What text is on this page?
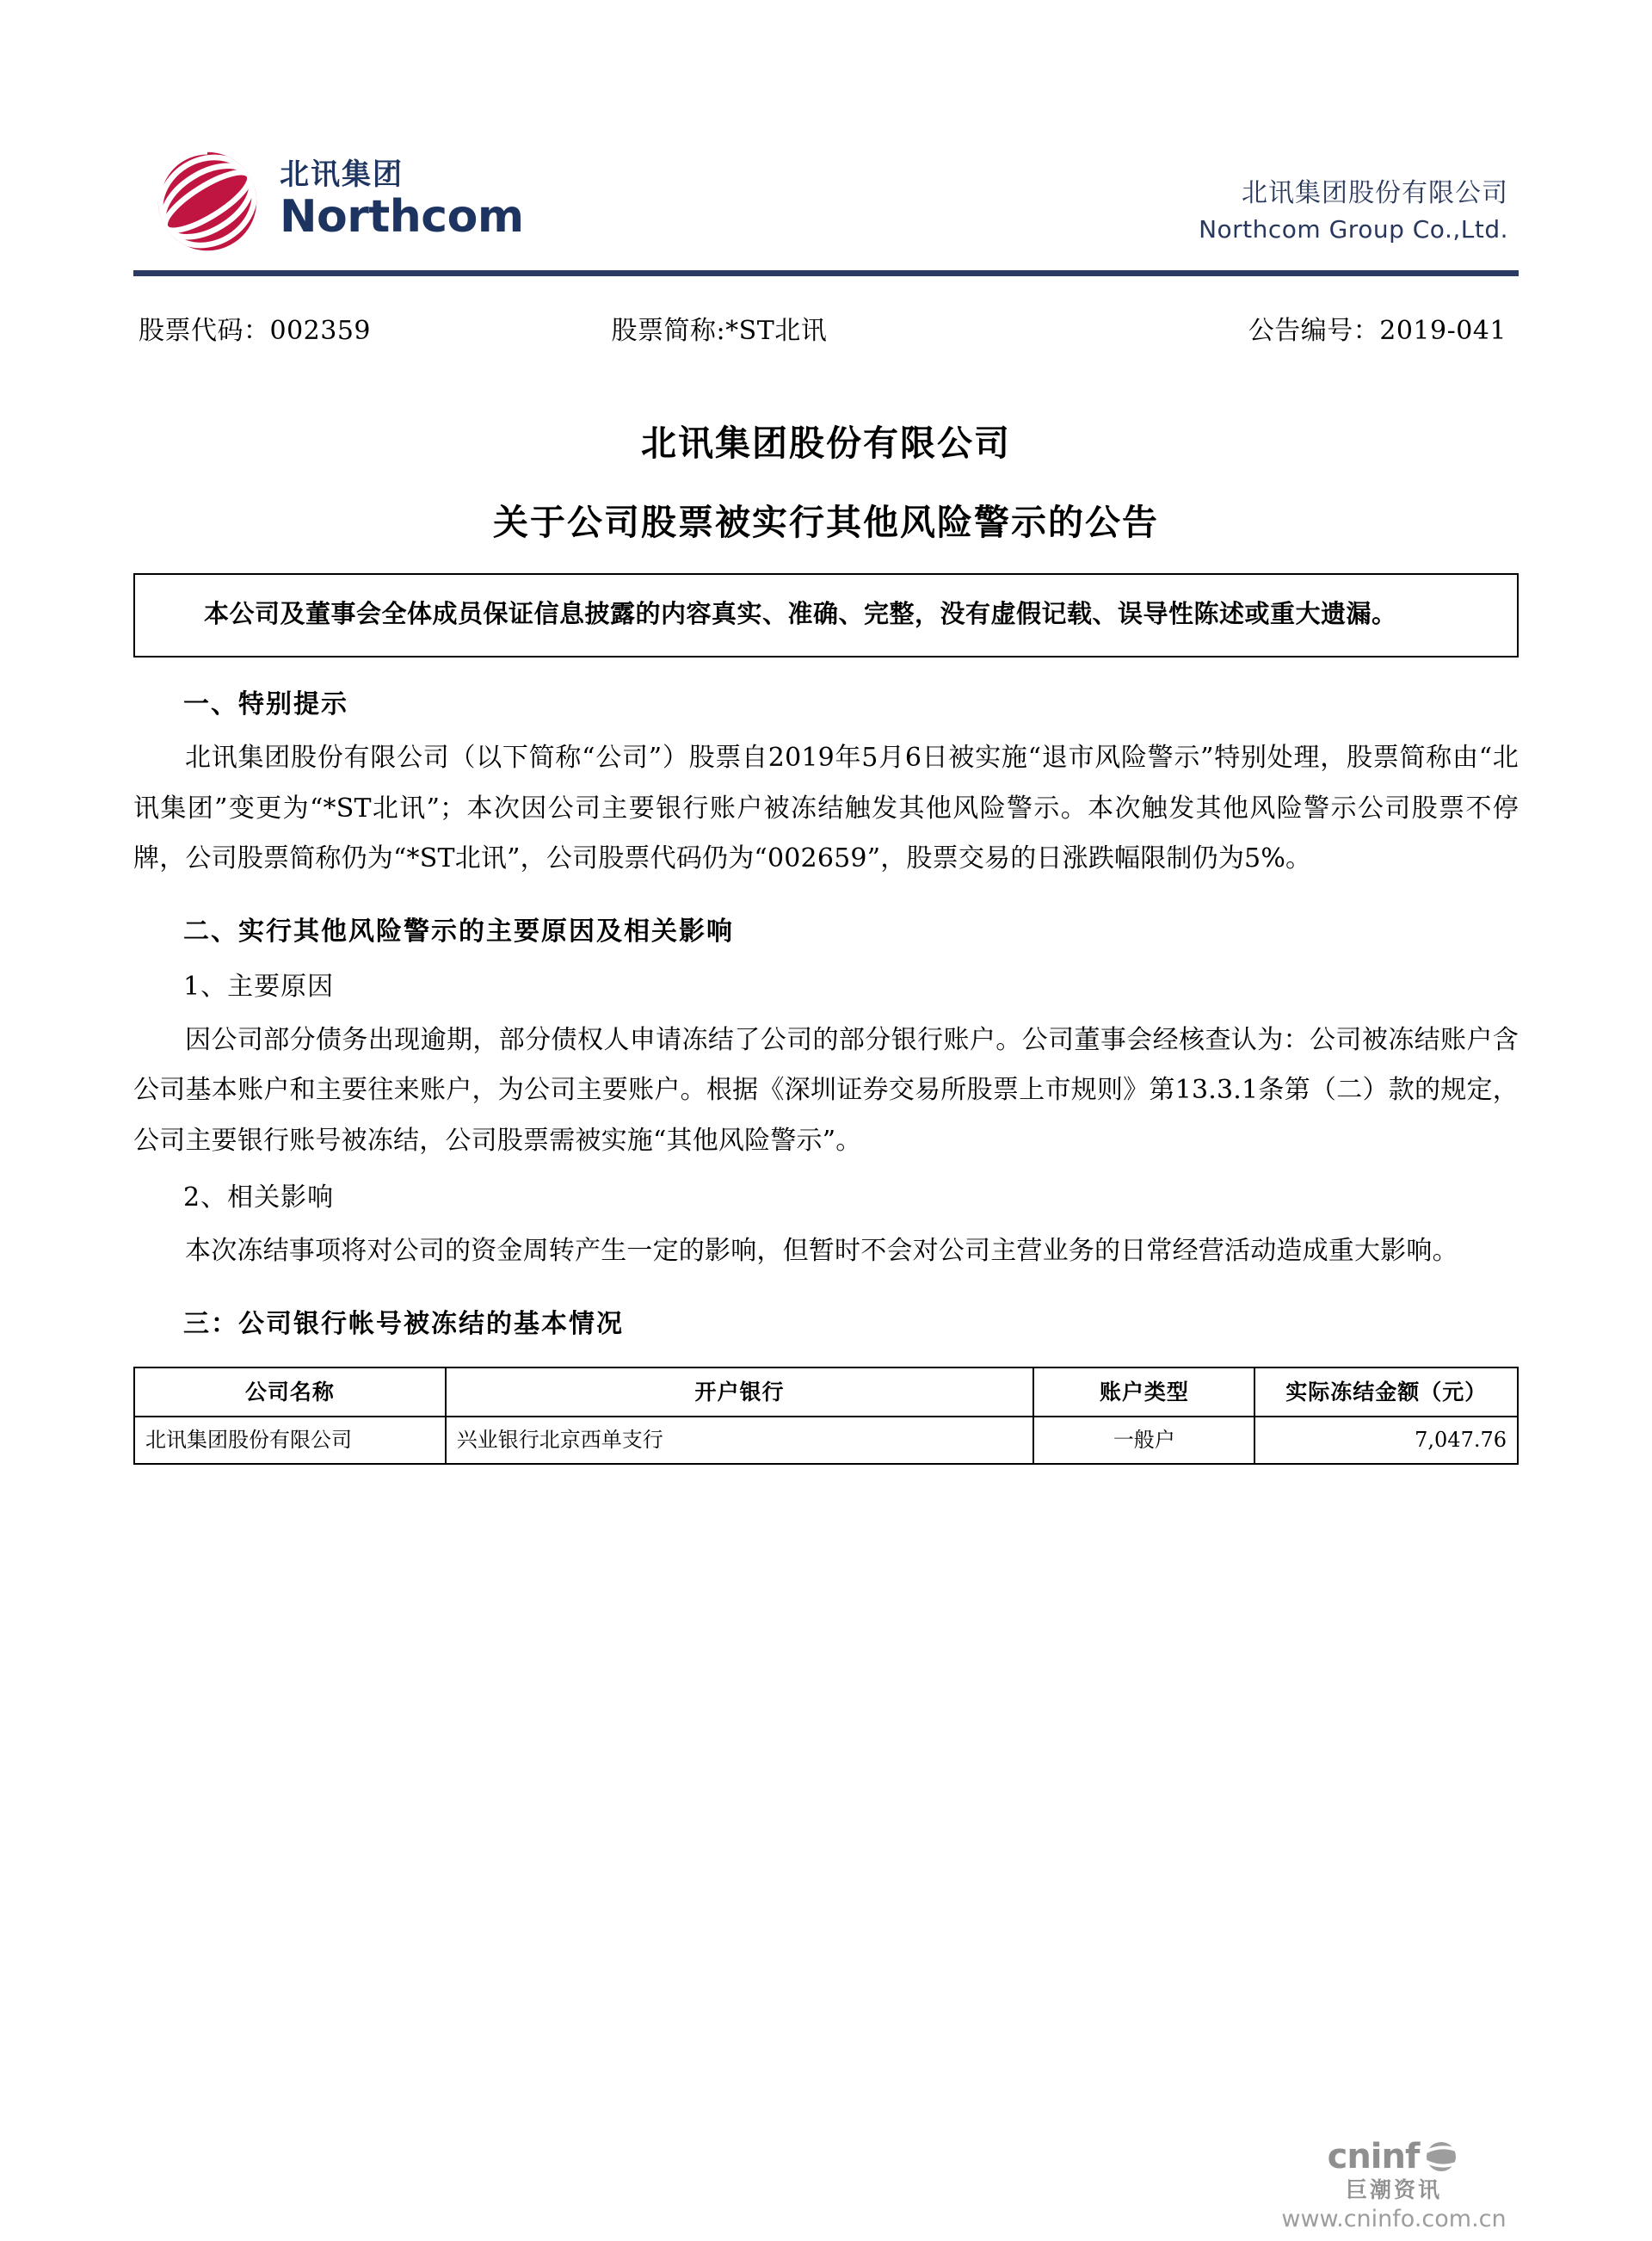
北讯集团
Northcom	北讯集团股份有限公司
Northcom Group Co.,Ltd.
股票代码：002359	股票简称:*ST北讯	公告编号：2019-041
北讯集团股份有限公司
关于公司股票被实行其他风险警示的公告
本公司及董事会全体成员保证信息披露的内容真实、准确、完整，没有虚假记载、误导性陈述或重大遗漏。
一、特别提示

北讯集团股份有限公司（以下简称“公司”）股票自2019年5月6日被实施“退市风险警示”特别处理，股票简称由“北讯集团”变更为“*ST北讯”；本次因公司主要银行账户被冻结触发其他风险警示。本次触发其他风险警示公司股票不停牌，公司股票简称仍为“*ST北讯”，公司股票代码仍为“002659”，股票交易的日涨跌幅限制仍为5%。

二、实行其他风险警示的主要原因及相关影响
1、主要原因

因公司部分债务出现逾期，部分债权人申请冻结了公司的部分银行账户。公司董事会经核查认为：公司被冻结账户含公司基本账户和主要往来账户，为公司主要账户。根据《深圳证券交易所股票上市规则》第13.3.1条第（二）款的规定，公司主要银行账号被冻结，公司股票需被实施“其他风险警示”。

2、相关影响

本次冻结事项将对公司的资金周转产生一定的影响，但暂时不会对公司主营业务的日常经营活动造成重大影响。

三：公司银行帐号被冻结的基本情况
公司名称	开户银行	账户类型	实际冻结金额（元）
北讯集团股份有限公司	兴业银行北京西单支行	一般户	7,047.76
cninf
巨潮资讯
www.cninfo.com.cn
